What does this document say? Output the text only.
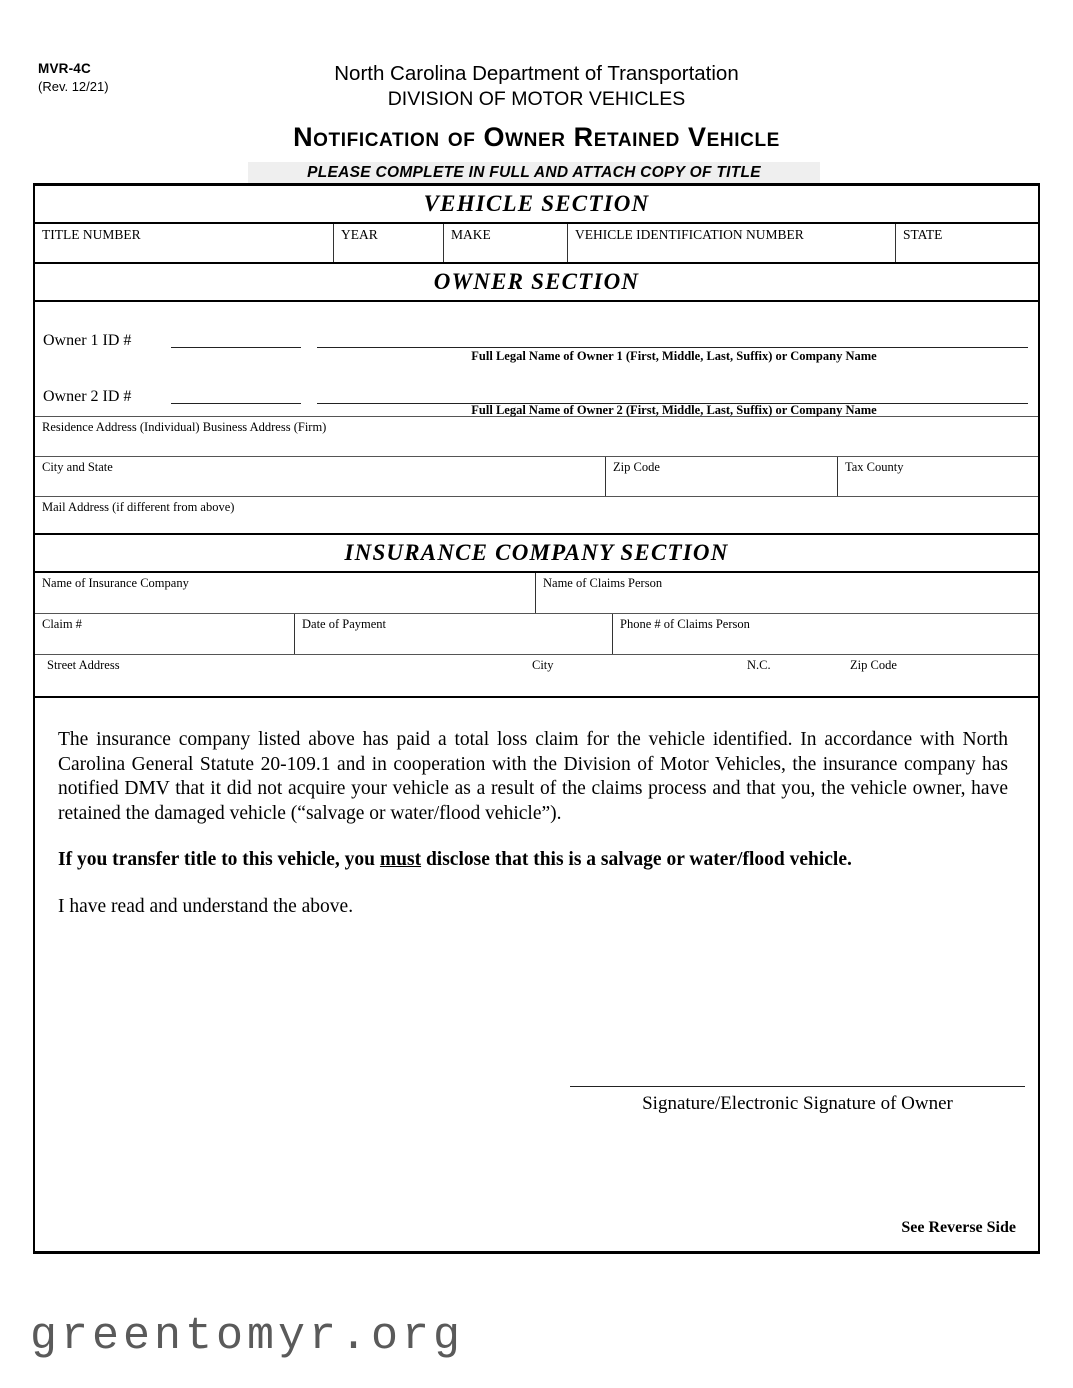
MVR-4C
(Rev. 12/21)
North Carolina Department of Transportation
DIVISION OF MOTOR VEHICLES
Notification of Owner Retained Vehicle
PLEASE COMPLETE IN FULL AND ATTACH COPY OF TITLE
VEHICLE SECTION
TITLE NUMBER	YEAR	MAKE	VEHICLE IDENTIFICATION NUMBER	STATE
OWNER SECTION
Owner 1 ID #
Full Legal Name of Owner 1 (First, Middle, Last, Suffix) or Company Name
Owner 2 ID #
Full Legal Name of Owner 2 (First, Middle, Last, Suffix) or Company Name
Residence Address (Individual) Business Address (Firm)
City and State	Zip Code	Tax County
Mail Address (if different from above)
INSURANCE COMPANY SECTION
Name of Insurance Company	Name of Claims Person
Claim #	Date of Payment	Phone # of Claims Person
Street Address	City	N.C.	Zip Code

The insurance company listed above has paid a total loss claim for the vehicle identified. In accordance with North Carolina General Statute 20-109.1 and in cooperation with the Division of Motor Vehicles, the insurance company has notified DMV that it did not acquire your vehicle as a result of the claims process and that you, the vehicle owner, have retained the damaged vehicle (“salvage or water/flood vehicle”).

If you transfer title to this vehicle, you must disclose that this is a salvage or water/flood vehicle.

I have read and understand the above.

Signature/Electronic Signature of Owner
See Reverse Side
greentomyr.org
